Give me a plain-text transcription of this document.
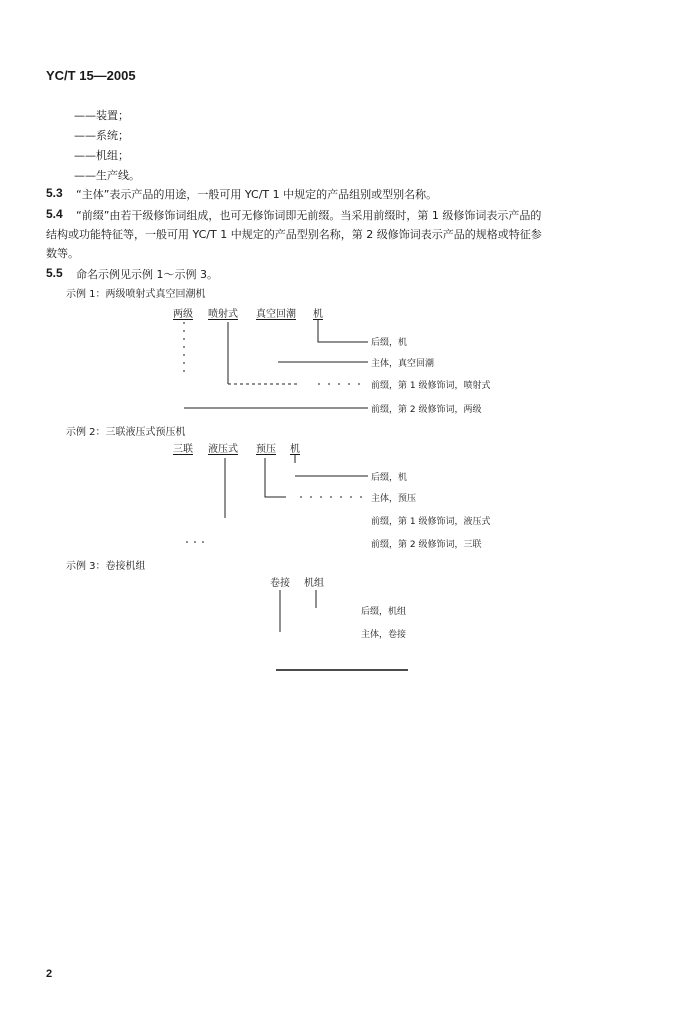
YC/T 15—2005
——装置；
——系统；
——机组；
——生产线。
5.3 “主体”表示产品的用途，一般可用 YC/T 1 中规定的产品组别或型别名称。
5.4 “前缀”由若干级修饰词组成，也可无修饰词即无前缀。当采用前缀时，第 1 级修饰词表示产品的
结构或功能特征等，一般可用 YC/T 1 中规定的产品型别名称，第 2 级修饰词表示产品的规格或特征参
数等。
5.5 命名示例见示例 1～示例 3。
示例 1：两级喷射式真空回潮机
两级 喷射式 真空回潮 机
后缀，机
主体，真空回潮
前缀，第 1 级修饰词，喷射式
前缀，第 2 级修饰词，两级
示例 2：三联液压式预压机
三联 液压式 预压 机
后缀，机
主体，预压
前缀，第 1 级修饰词，液压式
前缀，第 2 级修饰词，三联
示例 3：卷接机组
卷接 机组
后缀，机组
主体，卷接
2
